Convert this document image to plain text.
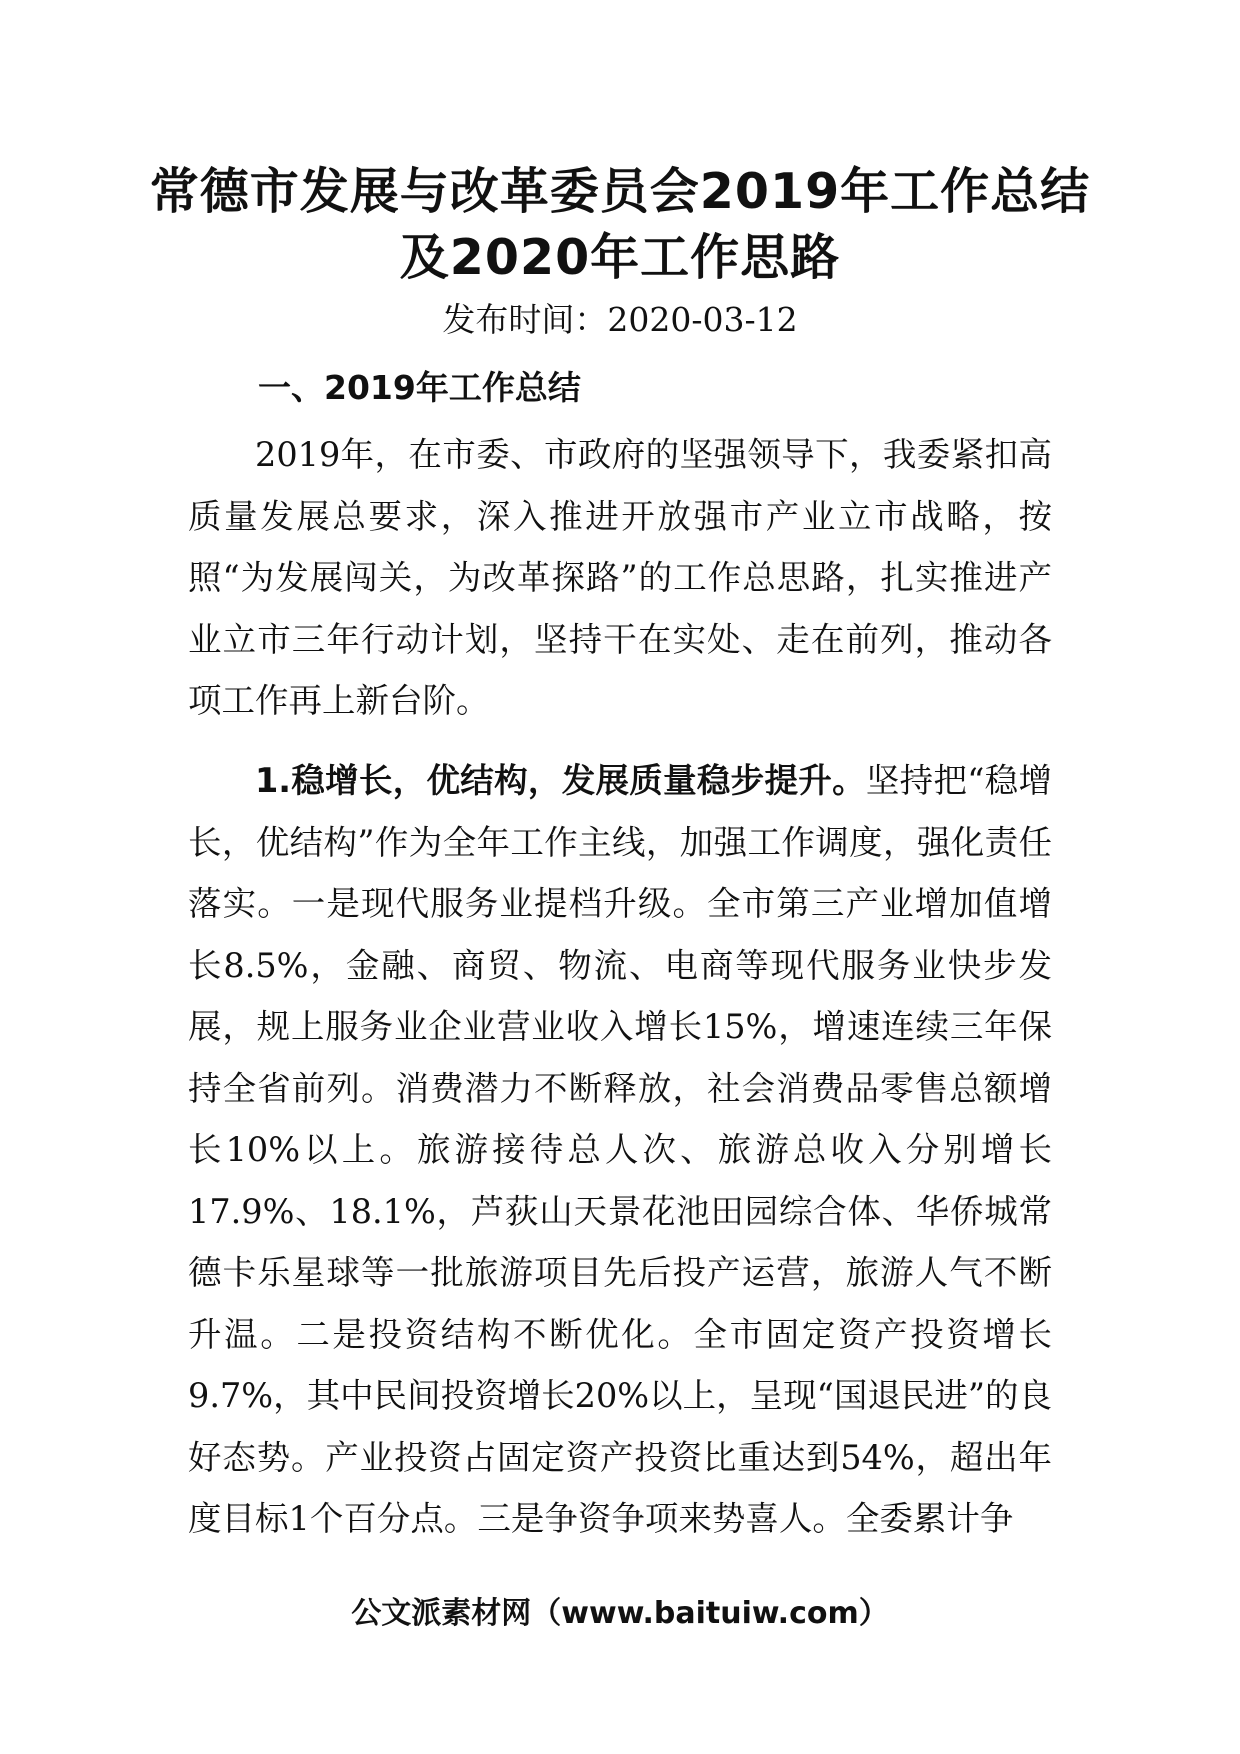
常德市发展与改革委员会2019年工作总结
及2020年工作思路
发布时间：2020-03-12
一、2019年工作总结

2019年，在市委、市政府的坚强领导下，我委紧扣高质量发展总要求，深入推进开放强市产业立市战略，按照“为发展闯关，为改革探路”的工作总思路，扎实推进产业立市三年行动计划，坚持干在实处、走在前列，推动各项工作再上新台阶。

1.稳增长，优结构，发展质量稳步提升。坚持把“稳增长，优结构”作为全年工作主线，加强工作调度，强化责任落实。一是现代服务业提档升级。全市第三产业增加值增长8.5%，金融、商贸、物流、电商等现代服务业快步发展，规上服务业企业营业收入增长15%，增速连续三年保持全省前列。消费潜力不断释放，社会消费品零售总额增长10%以上。旅游接待总人次、旅游总收入分别增长17.9%、18.1%，芦荻山天景花池田园综合体、华侨城常德卡乐星球等一批旅游项目先后投产运营，旅游人气不断升温。二是投资结构不断优化。全市固定资产投资增长9.7%，其中民间投资增长20%以上，呈现“国退民进”的良好态势。产业投资占固定资产投资比重达到54%，超出年度目标1个百分点。三是争资争项来势喜人。全委累计争

公文派素材网（www.baituiw.com）
